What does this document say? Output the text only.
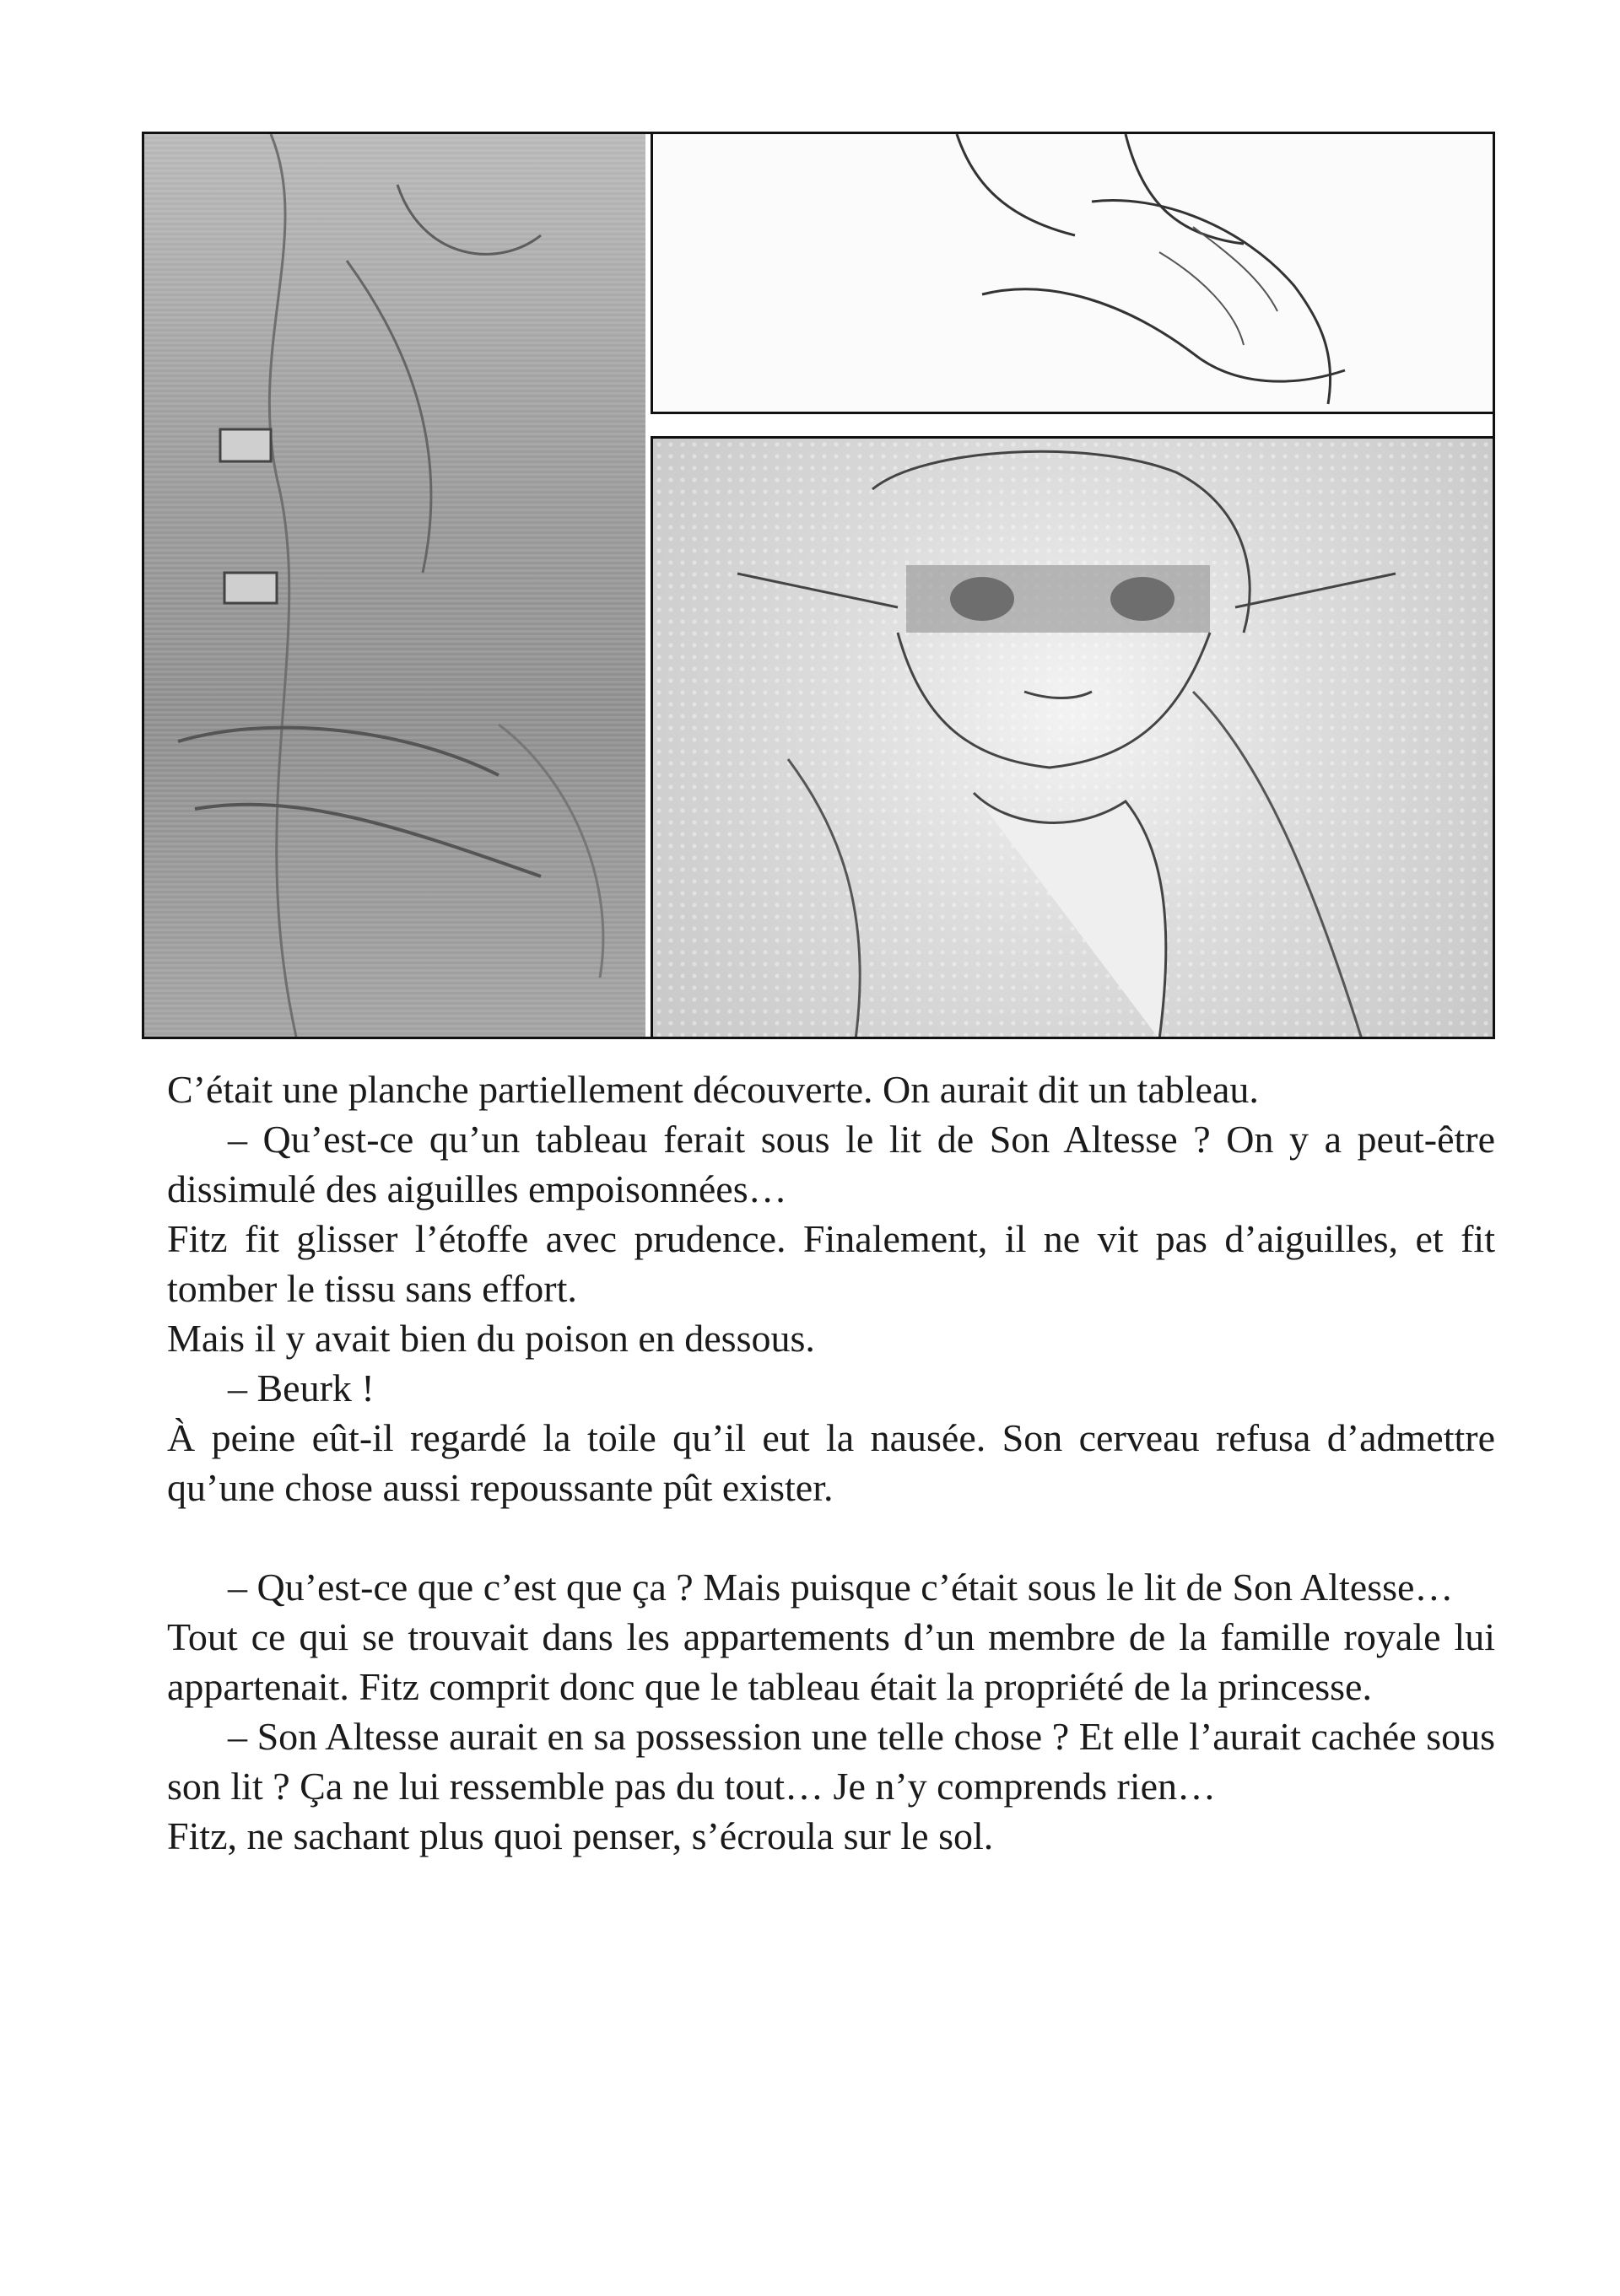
C’était une planche partiellement découverte. On aurait dit un tableau.

– Qu’est-ce qu’un tableau ferait sous le lit de Son Altesse ? On y a peut-être dissimulé des aiguilles empoisonnées…

Fitz fit glisser l’étoffe avec prudence. Finalement, il ne vit pas d’aiguilles, et fit tomber le tissu sans effort.

Mais il y avait bien du poison en dessous.

– Beurk !

À peine eût-il regardé la toile qu’il eut la nausée. Son cerveau refusa d’admettre qu’une chose aussi repoussante pût exister.

– Qu’est-ce que c’est que ça ? Mais puisque c’était sous le lit de Son Altesse…

Tout ce qui se trouvait dans les appartements d’un membre de la famille royale lui appartenait. Fitz comprit donc que le tableau était la propriété de la princesse.

– Son Altesse aurait en sa possession une telle chose ? Et elle l’aurait cachée sous son lit ? Ça ne lui ressemble pas du tout… Je n’y comprends rien…

Fitz, ne sachant plus quoi penser, s’écroula sur le sol.
